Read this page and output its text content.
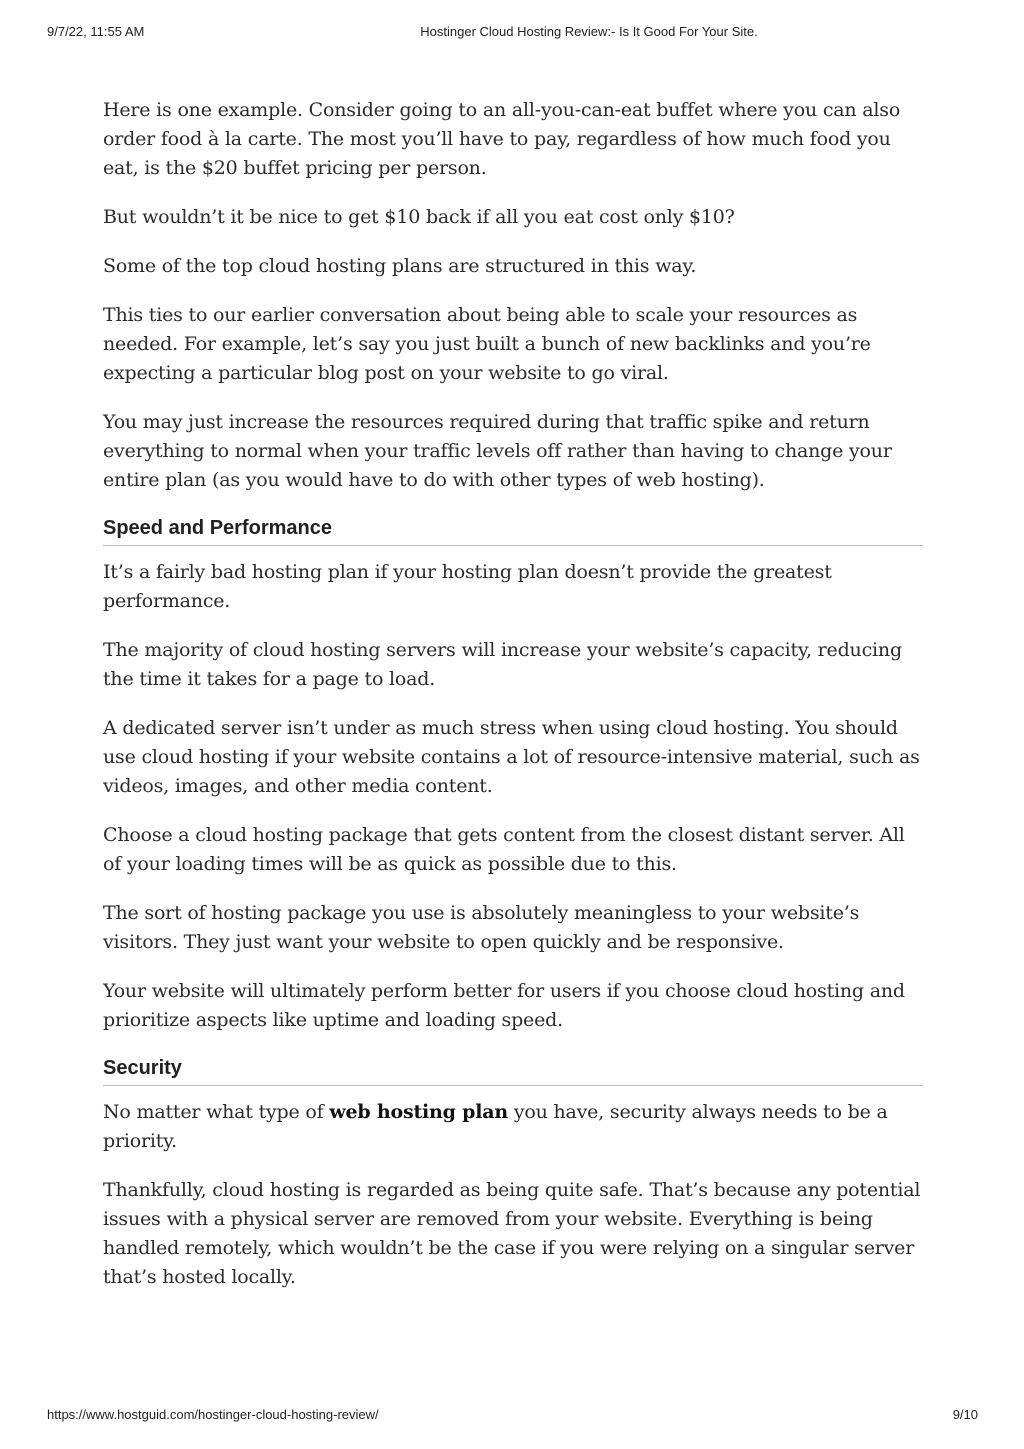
9/7/22, 11:55 AM	Hostinger Cloud Hosting Review:- Is It Good For Your Site.

Here is one example. Consider going to an all-you-can-eat buffet where you can also order food à la carte. The most you’ll have to pay, regardless of how much food you eat, is the $20 buffet pricing per person.

But wouldn’t it be nice to get $10 back if all you eat cost only $10?

Some of the top cloud hosting plans are structured in this way.

This ties to our earlier conversation about being able to scale your resources as needed. For example, let’s say you just built a bunch of new backlinks and you’re expecting a particular blog post on your website to go viral.

You may just increase the resources required during that traffic spike and return everything to normal when your traffic levels off rather than having to change your entire plan (as you would have to do with other types of web hosting).

Speed and Performance

It’s a fairly bad hosting plan if your hosting plan doesn’t provide the greatest performance.

The majority of cloud hosting servers will increase your website’s capacity, reducing the time it takes for a page to load.

A dedicated server isn’t under as much stress when using cloud hosting. You should use cloud hosting if your website contains a lot of resource-intensive material, such as videos, images, and other media content.

Choose a cloud hosting package that gets content from the closest distant server. All of your loading times will be as quick as possible due to this.

The sort of hosting package you use is absolutely meaningless to your website’s visitors. They just want your website to open quickly and be responsive.

Your website will ultimately perform better for users if you choose cloud hosting and prioritize aspects like uptime and loading speed.

Security

No matter what type of web hosting plan you have, security always needs to be a priority.

Thankfully, cloud hosting is regarded as being quite safe. That’s because any potential issues with a physical server are removed from your website. Everything is being handled remotely, which wouldn’t be the case if you were relying on a singular server that’s hosted locally.

https://www.hostguid.com/hostinger-cloud-hosting-review/	9/10
